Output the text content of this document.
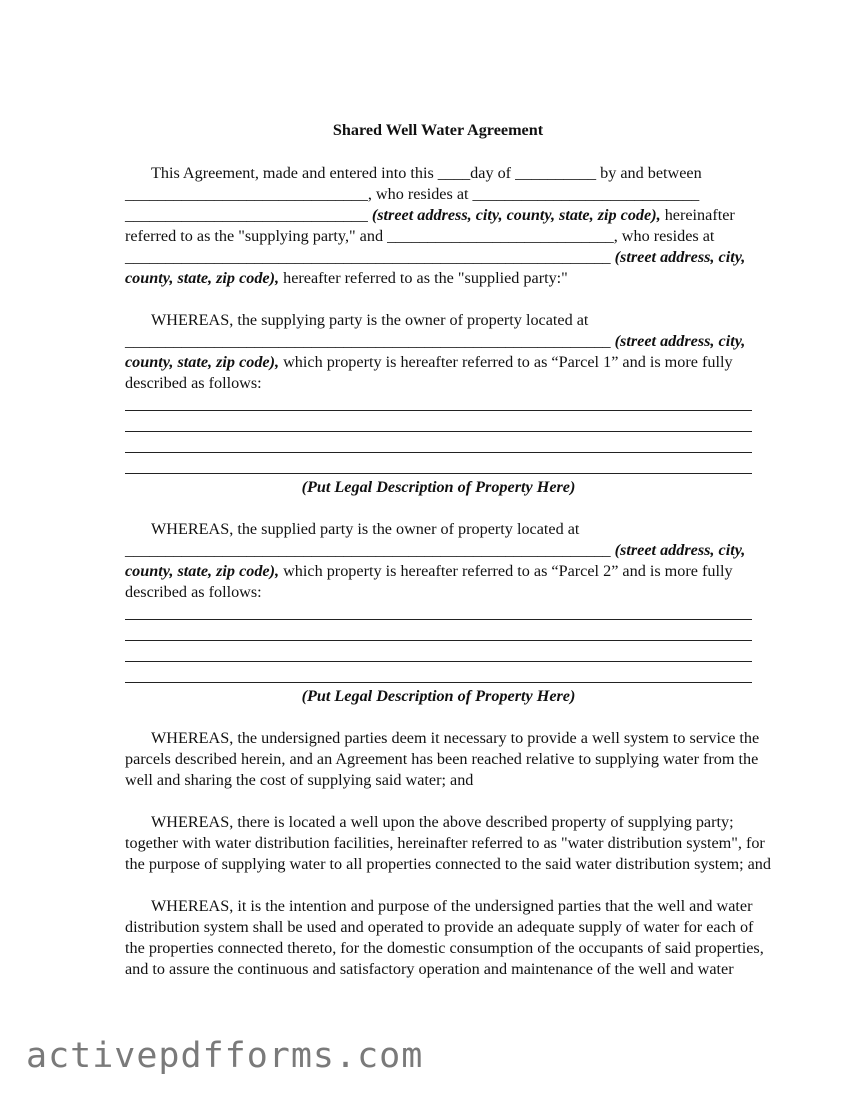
Shared Well Water Agreement
This Agreement, made and entered into this ____day of __________ by and between
______________________________, who resides at ____________________________
______________________________ (street address, city, county, state, zip code), hereinafter
referred to as the "supplying party," and ____________________________, who resides at
____________________________________________________________ (street address, city,
county, state, zip code), hereafter referred to as the "supplied party:"
WHEREAS, the supplying party is the owner of property located at
____________________________________________________________ (street address, city,
county, state, zip code), which property is hereafter referred to as “Parcel 1” and is more fully
described as follows:
(Put Legal Description of Property Here)
WHEREAS, the supplied party is the owner of property located at
____________________________________________________________ (street address, city,
county, state, zip code), which property is hereafter referred to as “Parcel 2” and is more fully
described as follows:
(Put Legal Description of Property Here)
WHEREAS, the undersigned parties deem it necessary to provide a well system to service the
parcels described herein, and an Agreement has been reached relative to supplying water from the
well and sharing the cost of supplying said water; and
WHEREAS, there is located a well upon the above described property of supplying party;
together with water distribution facilities, hereinafter referred to as "water distribution system", for
the purpose of supplying water to all properties connected to the said water distribution system; and
WHEREAS, it is the intention and purpose of the undersigned parties that the well and water
distribution system shall be used and operated to provide an adequate supply of water for each of
the properties connected thereto, for the domestic consumption of the occupants of said properties,
and to assure the continuous and satisfactory operation and maintenance of the well and water
activepdfforms.com
